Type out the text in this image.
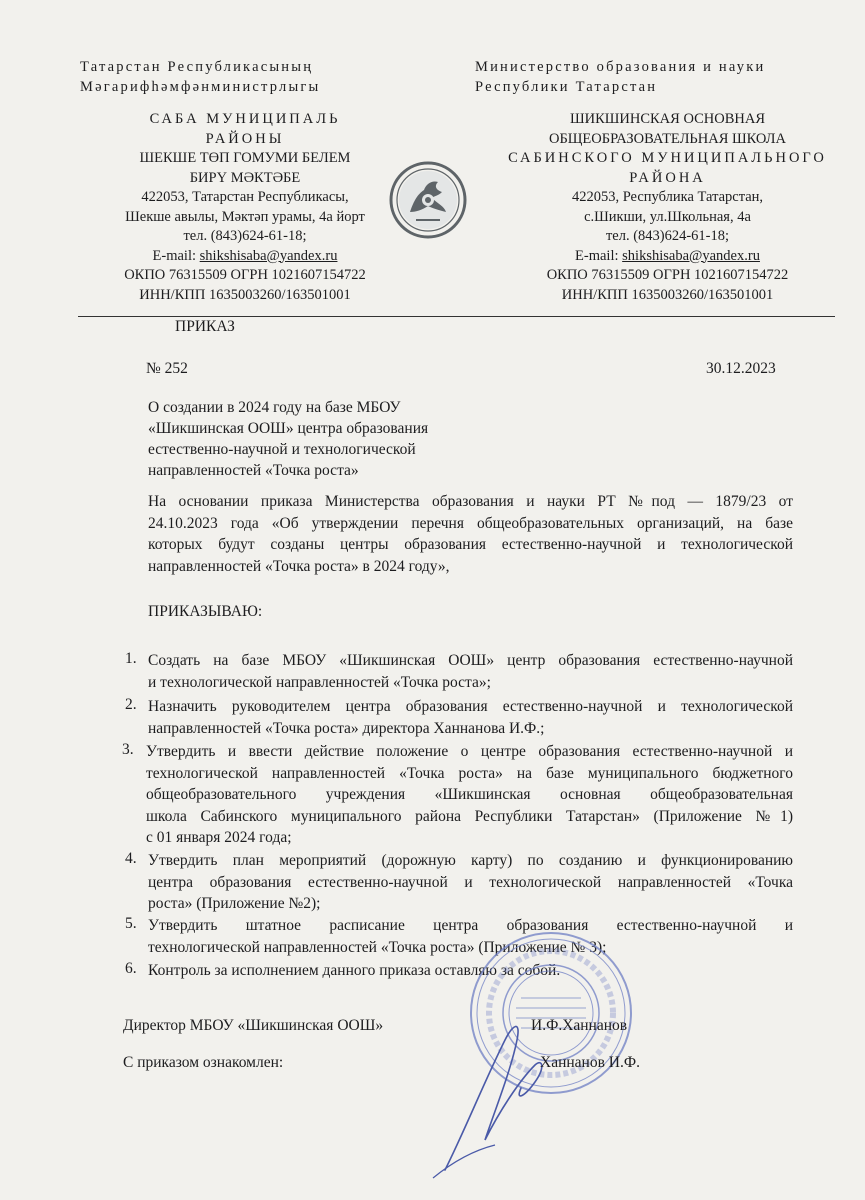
Татарстан Республикасының
Мәгарифһәмфәнминистрлыгы
Министерство образования и науки
Республики Татарстан
САБА МУНИЦИПАЛЬ
РАЙОНЫ
ШЕКШЕ ТӨП ГОМУМИ БЕЛЕМ
БИРҮ МӘКТӘБЕ
422053, Татарстан Республикасы,
Шекше авылы, Мәктәп урамы, 4а йорт
тел. (843)624-61-18;
E-mail: shikshisaba@yandex.ru
ОКПО 76315509 ОГРН 1021607154722
ИНН/КПП 1635003260/163501001
ШИКШИНСКАЯ ОСНОВНАЯ
ОБЩЕОБРАЗОВАТЕЛЬНАЯ ШКОЛА
САБИНСКОГО МУНИЦИПАЛЬНОГО
РАЙОНА
422053, Республика Татарстан,
с.Шикши, ул.Школьная, 4а
тел. (843)624-61-18;
E-mail: shikshisaba@yandex.ru
ОКПО 76315509 ОГРН 1021607154722
ИНН/КПП 1635003260/163501001
ПРИКАЗ
№ 252	30.12.2023
О создании в 2024 году на базе МБОУ
«Шикшинская ООШ» центра образования
естественно-научной и технологической
направленностей «Точка роста»
На основании приказа Министерства образования и науки РТ №под — 1879/23 от
24.10.2023 года «Об утверждении перечня общеобразовательных организаций, на базе
которых будут созданы центры образования естественно-научной и технологической
направленностей «Точка роста» в 2024 году»,
ПРИКАЗЫВАЮ:
1. Создать на базе МБОУ «Шикшинская ООШ» центр образования естественно-научной
и технологической направленностей «Точка роста»;
2. Назначить руководителем центра образования естественно-научной и технологической
направленностей «Точка роста» директора Ханнанова И.Ф.;
3. Утвердить и ввести действие положение о центре образования естественно-научной и
технологической направленностей «Точка роста» на базе муниципального бюджетного
общеобразовательного учреждения «Шикшинская основная общеобразовательная
школа Сабинского муниципального района Республики Татарстан» (Приложение №1)
с 01 января 2024 года;
4. Утвердить план мероприятий (дорожную карту) по созданию и функционированию
центра образования естественно-научной и технологической направленностей «Точка
роста» (Приложение №2);
5. Утвердить штатное расписание центра образования естественно-научной и
технологической направленностей «Точка роста» (Приложение № 3);
6. Контроль за исполнением данного приказа оставляю за собой.
Директор МБОУ «Шикшинская ООШ»	И.Ф.Ханнанов
С приказом ознакомлен:	Ханнанов И.Ф.
